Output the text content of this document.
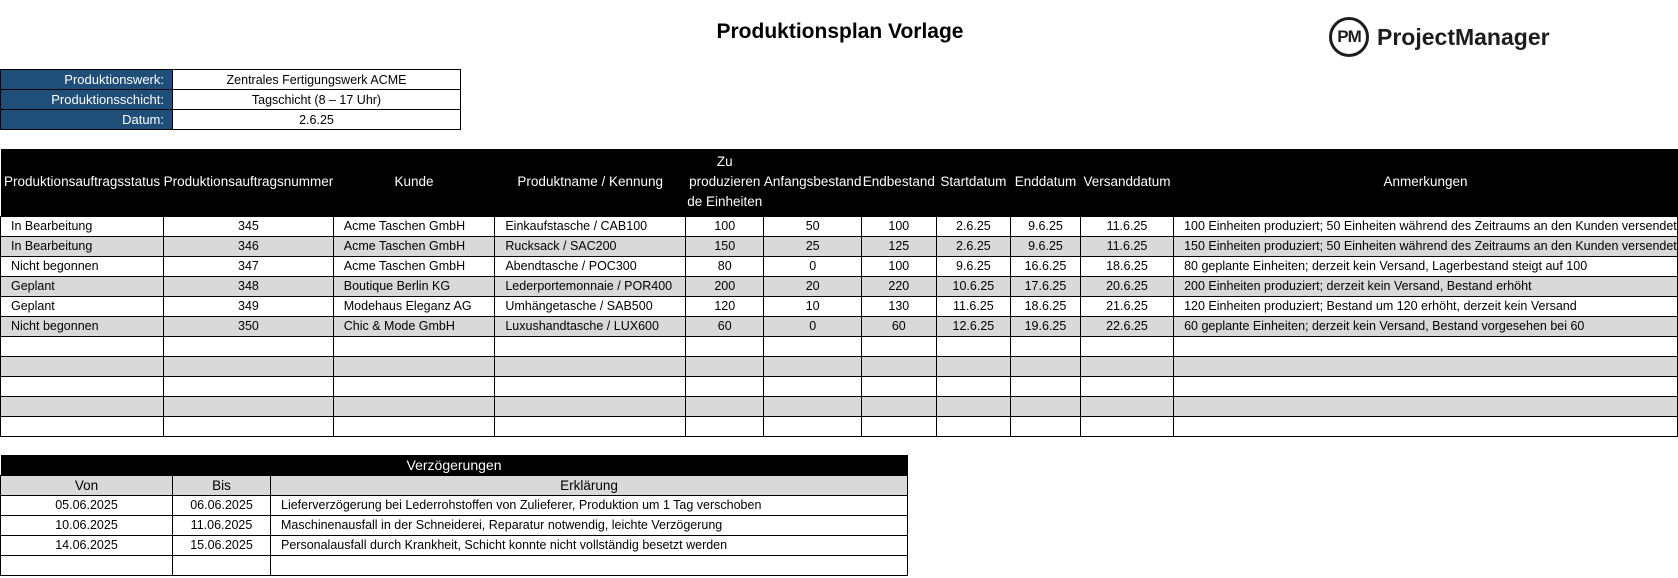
Produktionsplan Vorlage	PM ProjectManager
Produktionswerk:	Zentrales Fertigungswerk ACME
Produktionsschicht:	Tagschicht (8 – 17 Uhr)
Datum:	2.6.25
Produktionsauftragsstatus	Produktionsauftragsnummer	Kunde	Produktname / Kennung	Zu produzieren de Einheiten	Anfangsbestand	Endbestand	Startdatum	Enddatum	Versanddatum	Anmerkungen
In Bearbeitung	345	Acme Taschen GmbH	Einkaufstasche / CAB100	100	50	100	2.6.25	9.6.25	11.6.25	100 Einheiten produziert; 50 Einheiten während des Zeitraums an den Kunden versendet
In Bearbeitung	346	Acme Taschen GmbH	Rucksack / SAC200	150	25	125	2.6.25	9.6.25	11.6.25	150 Einheiten produziert; 50 Einheiten während des Zeitraums an den Kunden versendet
Nicht begonnen	347	Acme Taschen GmbH	Abendtasche / POC300	80	0	100	9.6.25	16.6.25	18.6.25	80 geplante Einheiten; derzeit kein Versand, Lagerbestand steigt auf 100
Geplant	348	Boutique Berlin KG	Lederportemonnaie / POR400	200	20	220	10.6.25	17.6.25	20.6.25	200 Einheiten produziert; derzeit kein Versand, Bestand erhöht
Geplant	349	Modehaus Eleganz AG	Umhängetasche / SAB500	120	10	130	11.6.25	18.6.25	21.6.25	120 Einheiten produziert; Bestand um 120 erhöht, derzeit kein Versand
Nicht begonnen	350	Chic & Mode GmbH	Luxushandtasche / LUX600	60	0	60	12.6.25	19.6.25	22.6.25	60 geplante Einheiten; derzeit kein Versand, Bestand vorgesehen bei 60

Verzögerungen		
Von	Bis	Erklärung
05.06.2025	06.06.2025	Lieferverzögerung bei Lederrohstoffen von Zulieferer, Produktion um 1 Tag verschoben
10.06.2025	11.06.2025	Maschinenausfall in der Schneiderei, Reparatur notwendig, leichte Verzögerung
14.06.2025	15.06.2025	Personalausfall durch Krankheit, Schicht konnte nicht vollständig besetzt werden
